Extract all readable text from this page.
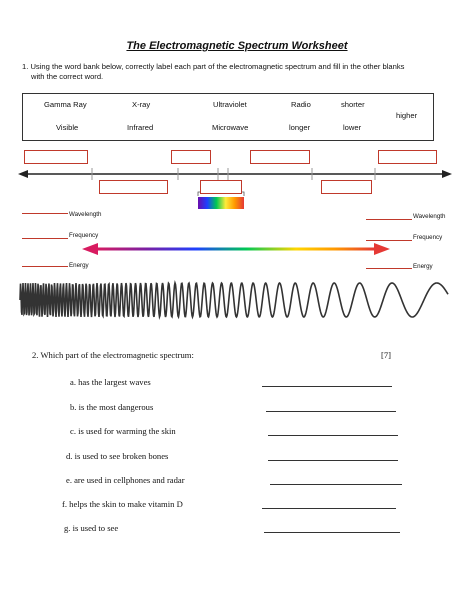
The Electromagnetic Spectrum Worksheet
1. Using the word bank below, correctly label each part of the electromagnetic spectrum and fill in the other blanks
with the correct word.
Gamma Ray	X-ray	Ultraviolet	Radio	shorter
higher
Visible	Infrared	Microwave	longer	lower
Wavelength
Frequency
Energy
Wavelength
Frequency
Energy
2. Which part of the electromagnetic spectrum:	[7]
a. has the largest waves
b. is the most dangerous
c. is used for warming the skin
d. is used to see broken bones
e. are used in cellphones and radar
f. helps the skin to make vitamin D
g. is used to see
